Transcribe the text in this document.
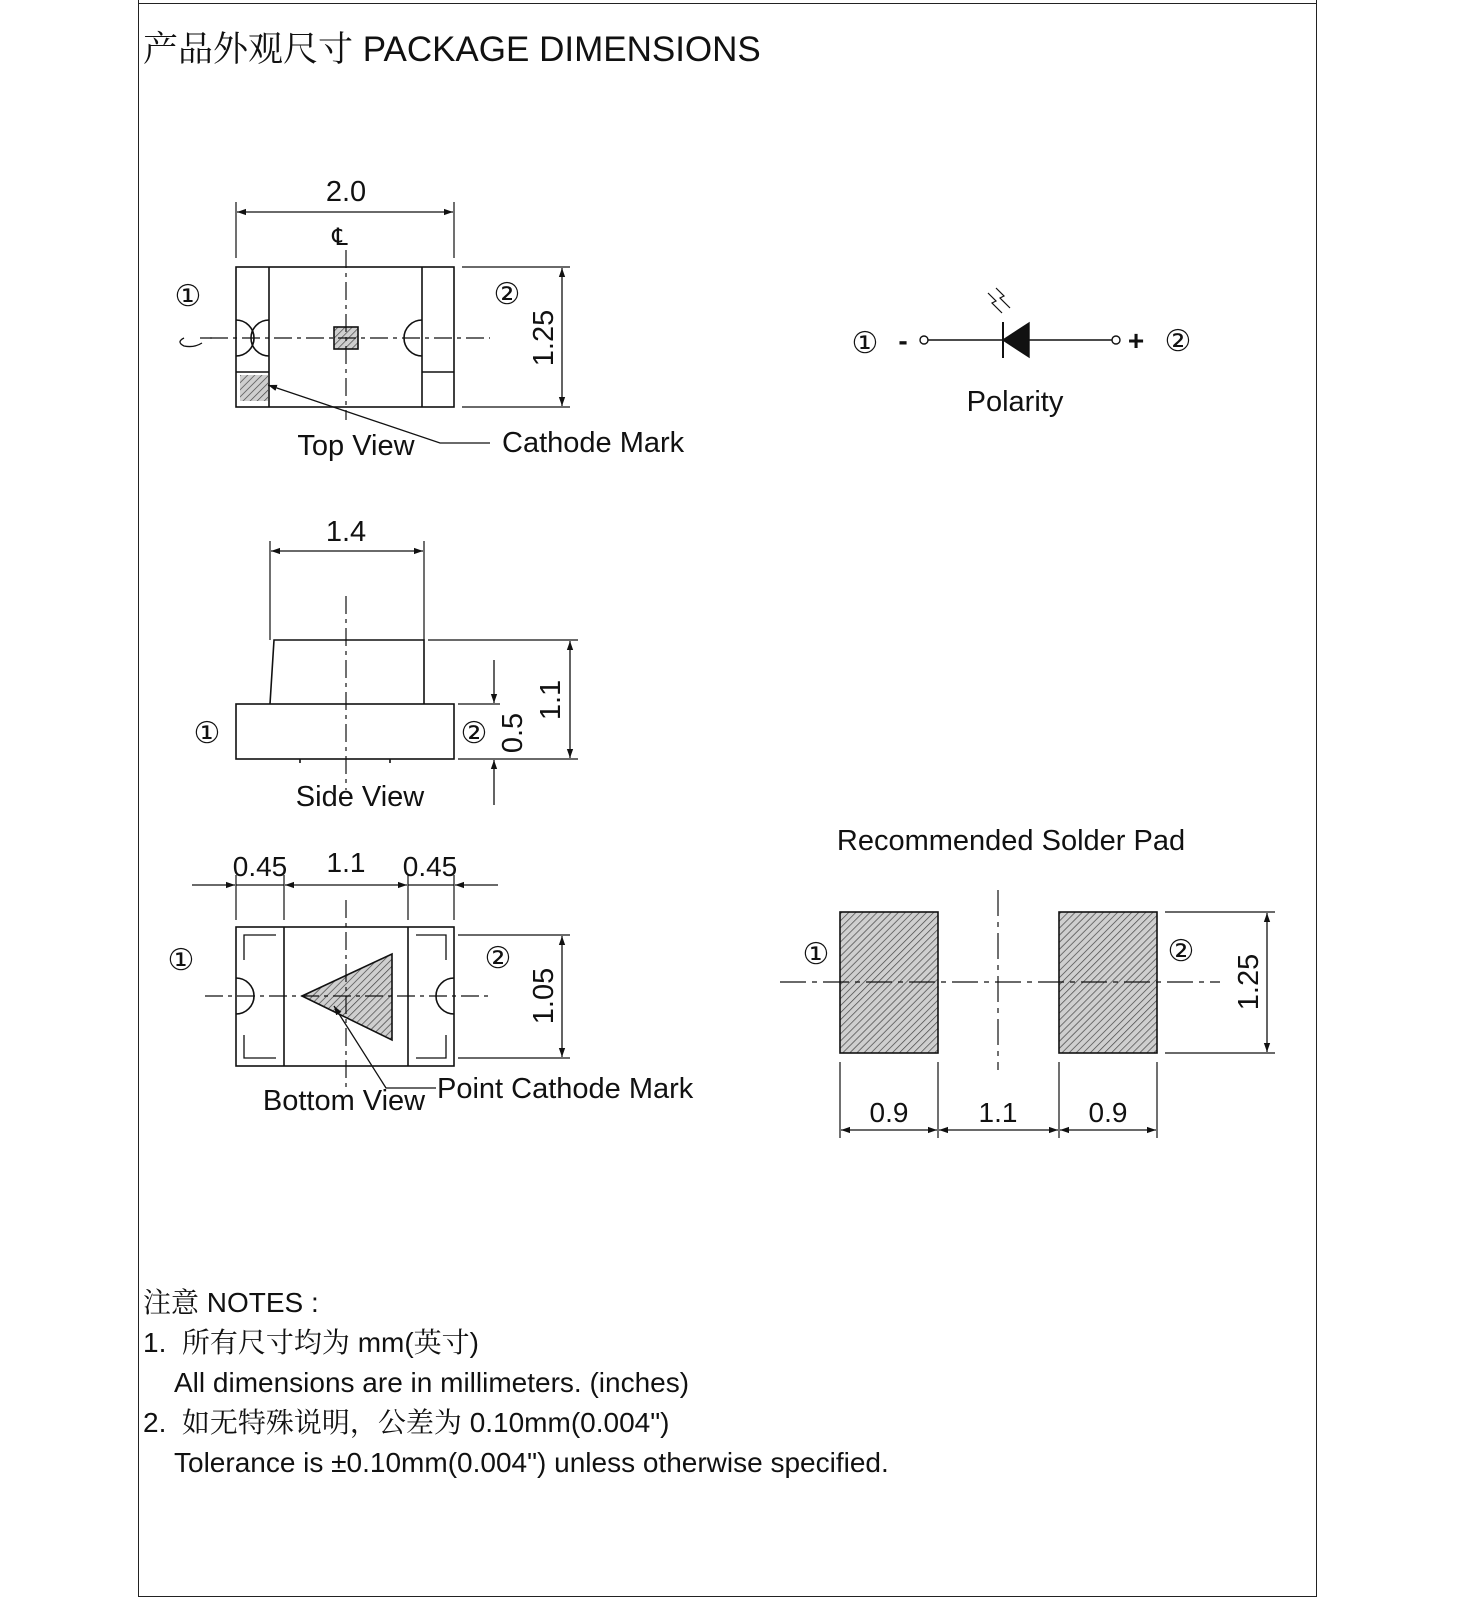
产品外观尺寸 PACKAGE DIMENSIONS
2.0
℄
1.25
①	②
Top View	Cathode Mark
① -	+ ②
Polarity
1.4
1.1
0.5
①	②
Side View
0.45 1.1 0.45
1.05
①	②
Bottom View Point Cathode Mark
Recommended Solder Pad
①	②
1.25
0.9	1.1	0.9
注意 NOTES :
1.  所有尺寸均为 mm(英寸)
All dimensions are in millimeters. (inches)
2.  如无特殊说明，公差为 0.10mm(0.004")
Tolerance is ±0.10mm(0.004") unless otherwise specified.
